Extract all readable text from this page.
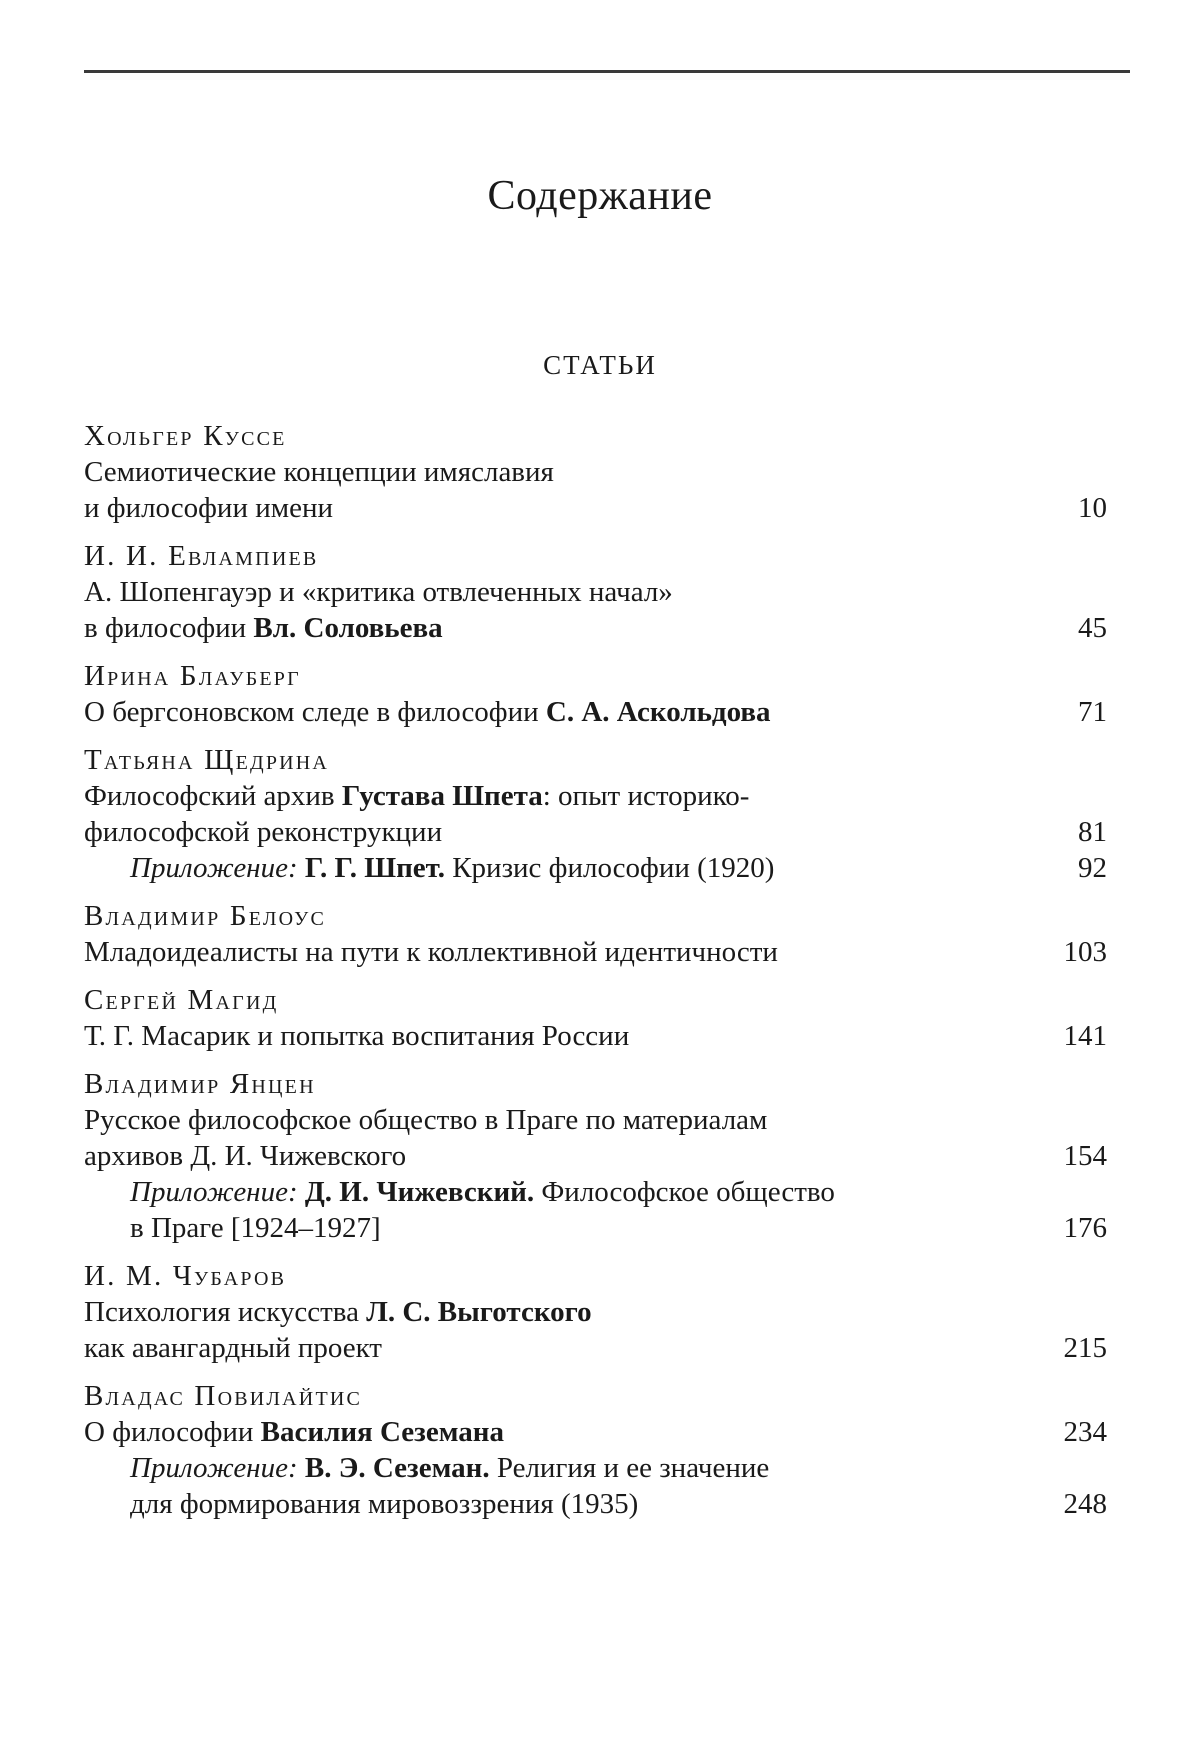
Содержание
СТАТЬИ
Хольгер Куссе
Семиотические концепции имяславия
и философии имени	10
И. И. Евлампиев
А. Шопенгауэр и «критика отвлеченных начал»
в философии Вл. Соловьева	45
Ирина Блауберг
О бергсоновском следе в философии С. А. Аскольдова	71
Татьяна Щедрина
Философский архив Густава Шпета: опыт историко-
философской реконструкции	81
Приложение: Г. Г. Шпет. Кризис философии (1920)	92
Владимир Белоус
Младоидеалисты на пути к коллективной идентичности	103
Сергей Магид
Т. Г. Масарик и попытка воспитания России	141
Владимир Янцен
Русское философское общество в Праге по материалам
архивов Д. И. Чижевского	154
Приложение: Д. И. Чижевский. Философское общество
в Праге [1924–1927]	176
И. М. Чубаров
Психология искусства Л. С. Выготского
как авангардный проект	215
Владас Повилайтис
О философии Василия Сеземана	234
Приложение: В. Э. Сеземан. Религия и ее значение
для формирования мировоззрения (1935)	248
